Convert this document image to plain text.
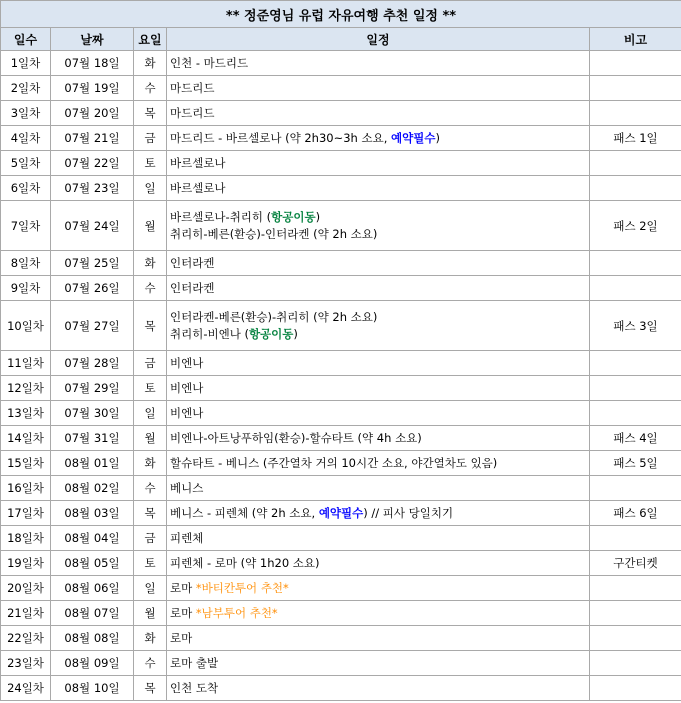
** 정준영님 유럽 자유여행 추천 일정 **				
일수	날짜	요일	일정	비고
1일차	07월 18일	화	인천 - 마드리드	

2일차	07월 19일	수	마드리드	

3일차	07월 20일	목	마드리드	

4일차	07월 21일	금	마드리드 - 바르셀로나 (약 2h30~3h 소요, 예약필수)	패스 1일
5일차	07월 22일	토	바르셀로나	

6일차	07월 23일	일	바르셀로나	

7일차	07월 24일	월	바르셀로나-취리히 (항공이동)
취리히-베른(환승)-인터라켄 (약 2h 소요)	패스 2일
8일차	07월 25일	화	인터라켄	

9일차	07월 26일	수	인터라켄	

10일차	07월 27일	목	인터라켄-베른(환승)-취리히 (약 2h 소요)
취리히-비엔나 (항공이동)	패스 3일
11일차	07월 28일	금	비엔나	

12일차	07월 29일	토	비엔나	

13일차	07월 30일	일	비엔나	

14일차	07월 31일	월	비엔나-아트낭푸하임(환승)-할슈타트 (약 4h 소요)	패스 4일
15일차	08월 01일	화	할슈타트 - 베니스 (주간열차 거의 10시간 소요, 야간열차도 있음)	패스 5일
16일차	08월 02일	수	베니스	

17일차	08월 03일	목	베니스 - 피렌체 (약 2h 소요, 예약필수) // 피사 당일치기	패스 6일
18일차	08월 04일	금	피렌체	

19일차	08월 05일	토	피렌체 - 로마 (약 1h20 소요)	구간티켓
20일차	08월 06일	일	로마 *바티칸투어 추천*	

21일차	08월 07일	월	로마 *남부투어 추천*	

22일차	08월 08일	화	로마	

23일차	08월 09일	수	로마 출발	

24일차	08월 10일	목	인천 도착	
